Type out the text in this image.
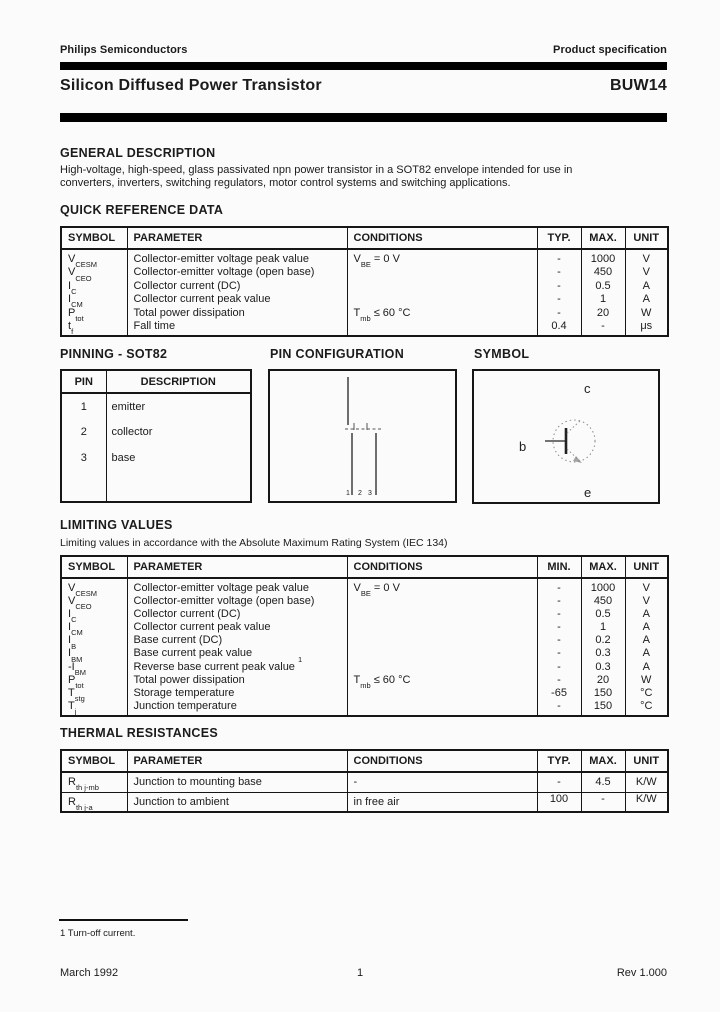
Philips Semiconductors	Product specification
Silicon Diffused Power Transistor	BUW14
GENERAL DESCRIPTION
High-voltage, high-speed, glass passivated npn power transistor in a SOT82 envelope intended for use in converters, inverters, switching regulators, motor control systems and switching applications.
QUICK REFERENCE DATA
SYMBOL	PARAMETER	CONDITIONS	TYP.	MAX.	UNIT
$V_{CESM}$	Collector-emitter voltage peak value	$V_{BE} = 0$ V	-	1000	V
$V_{CEO}$	Collector-emitter voltage (open base)		-	450	V
$I_C$	Collector current (DC)		-	0.5	A
$I_{CM}$	Collector current peak value		-	1	A
$P_{tot}$	Total power dissipation	$T_{mb} \le 60$ °C	-	20	W
$t_f$	Fall time		0.4	-	μs
PINNING - SOT82	PIN CONFIGURATION	SYMBOL
PIN	DESCRIPTION
1	emitter
2	collector
3	base

1 2 3
c
b
e
LIMITING VALUES
Limiting values in accordance with the Absolute Maximum Rating System (IEC 134)
SYMBOL	PARAMETER	CONDITIONS	MIN.	MAX.	UNIT
$V_{CESM}$	Collector-emitter voltage peak value	$V_{BE} = 0$ V	-	1000	V
$V_{CEO}$	Collector-emitter voltage (open base)		-	450	V
$I_C$	Collector current (DC)		-	0.5	A
$I_{CM}$	Collector current peak value		-	1	A
$I_B$	Base current (DC)		-	0.2	A
$I_{BM}$	Base current peak value		-	0.3	A
$-I_{BM}$	Reverse base current peak value $^1$		-	0.3	A
$P_{tot}$	Total power dissipation	$T_{mb} \le 60$ °C	-	20	W
$T_{stg}$	Storage temperature		-65	150	°C
$T_j$	Junction temperature		-	150	°C
THERMAL RESISTANCES
SYMBOL	PARAMETER	CONDITIONS	TYP.	MAX.	UNIT
$R_{th j-mb}$	Junction to mounting base	-	-	4.5	K/W
$R_{th j-a}$	Junction to ambient	in free air	100	-	K/W
1 Turn-off current.
March 1992	1	Rev 1.000
